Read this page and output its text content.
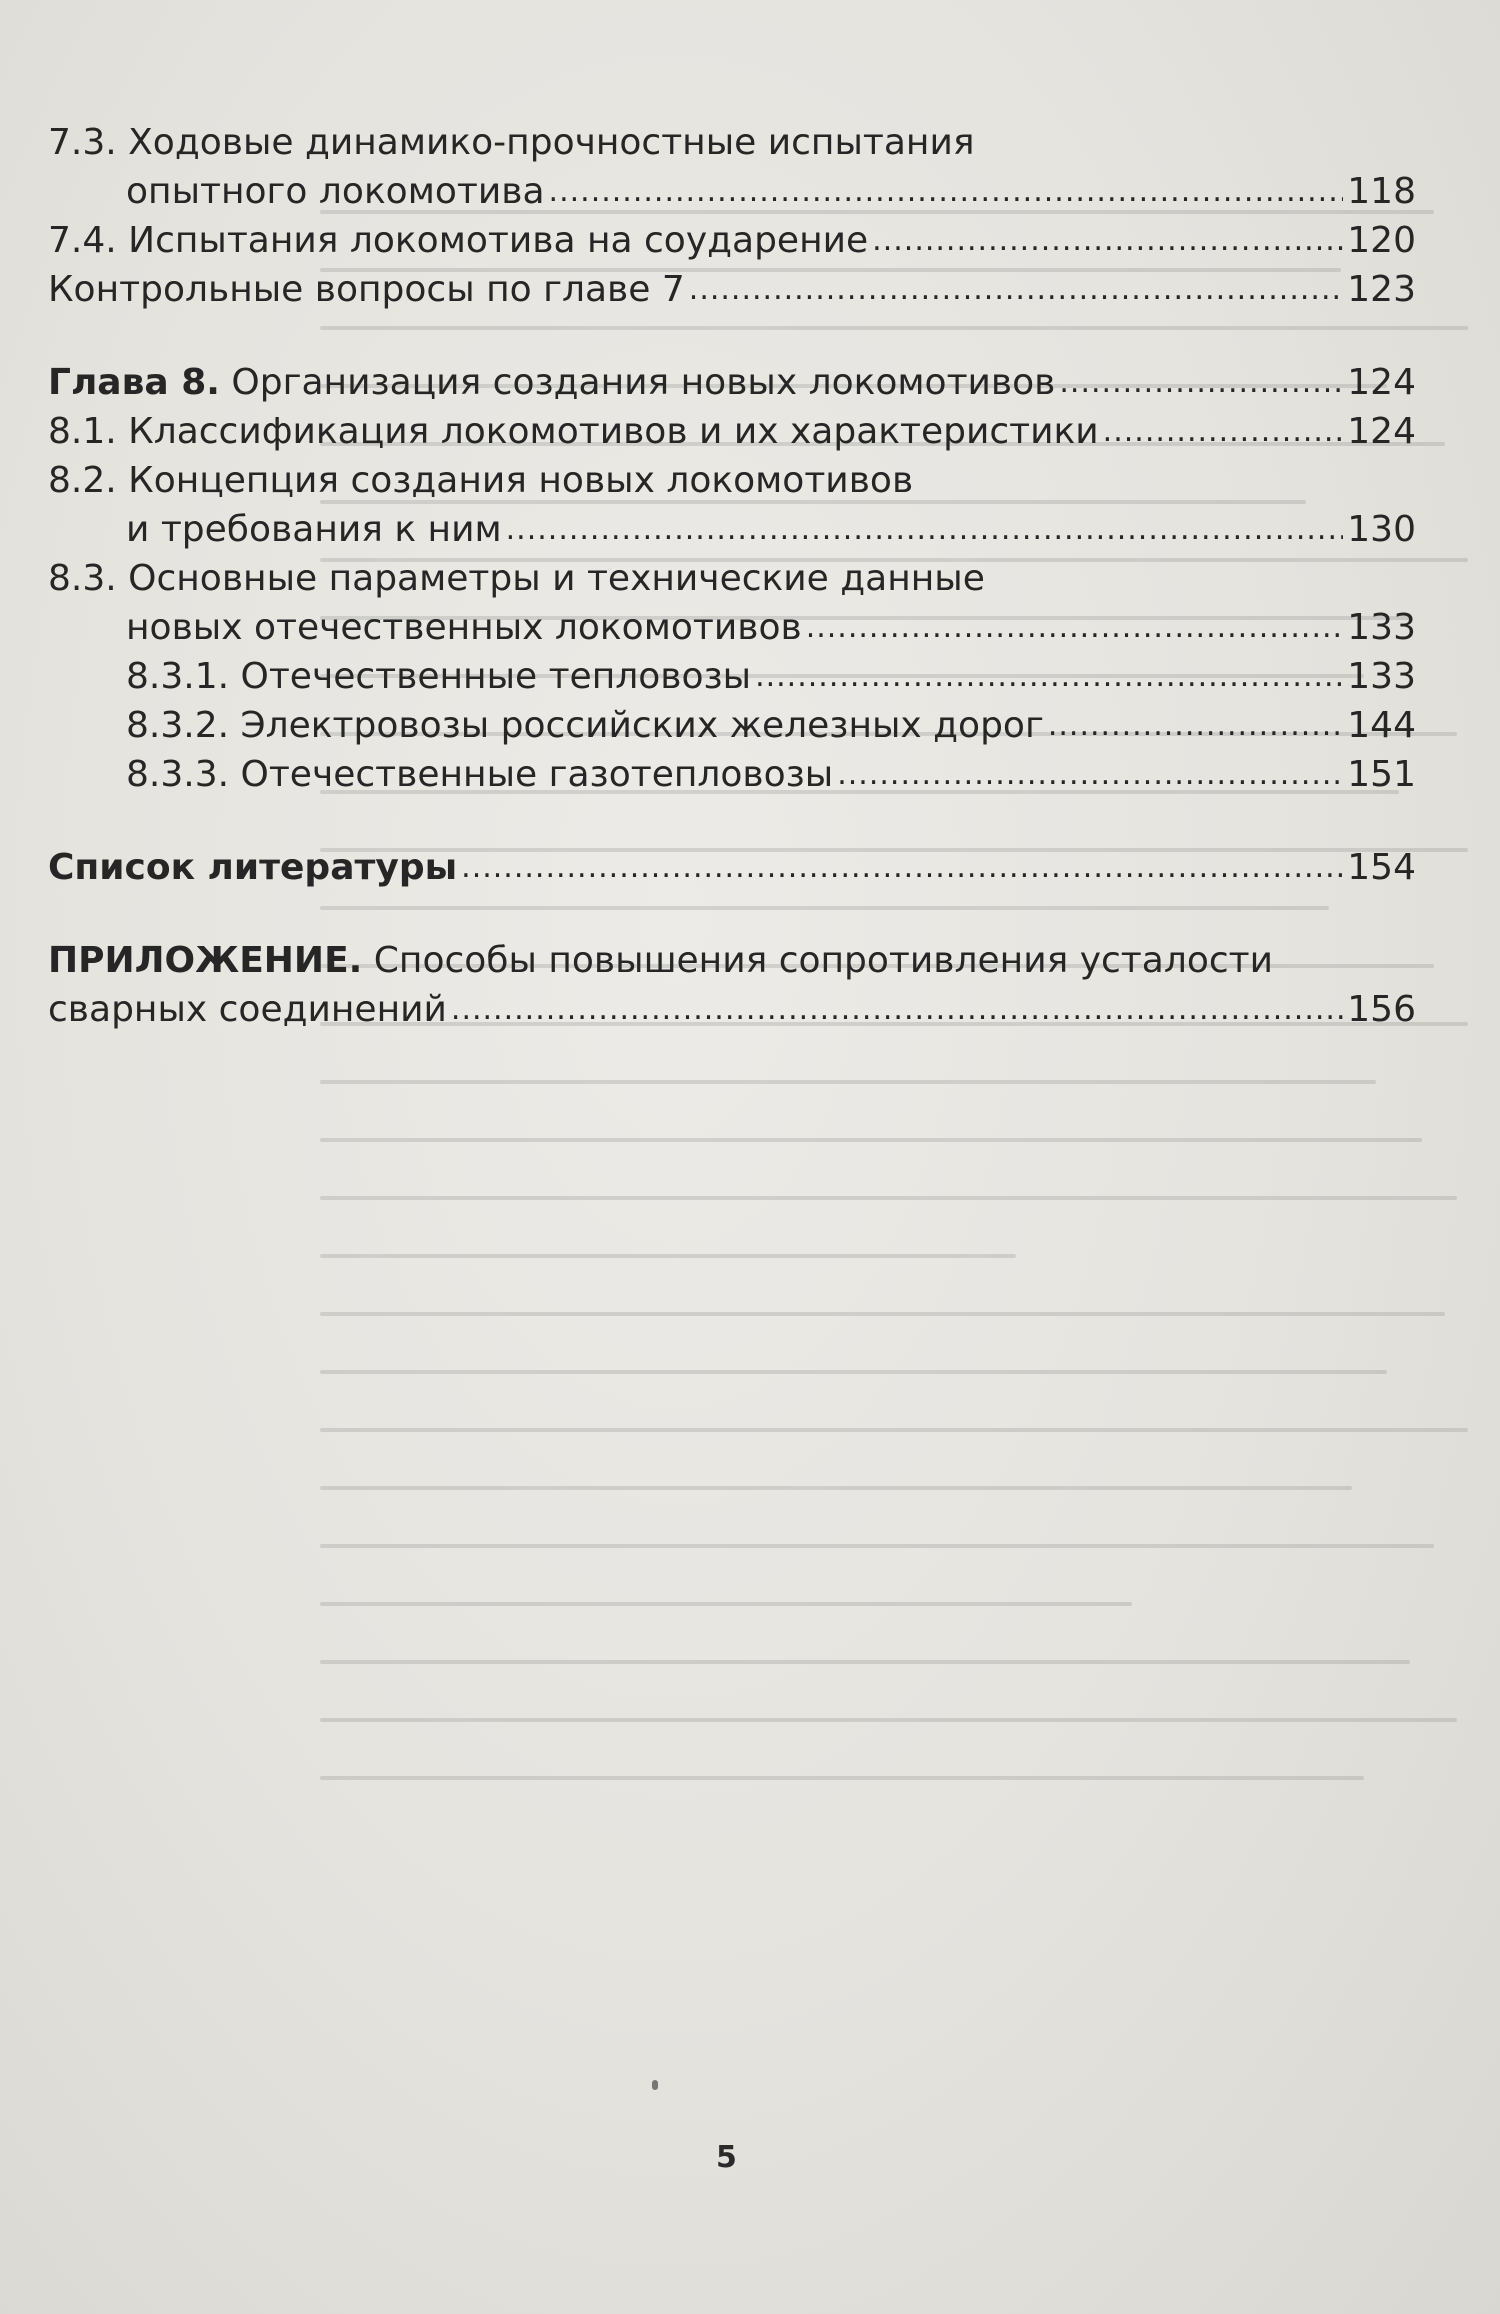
7.3. Ходовые динамико-прочностные испытания
опытного локомотива .....	118
7.4. Испытания локомотива на соударение .....	120
Контрольные вопросы по главе 7 .....	123
Глава 8. Организация создания новых локомотивов .....	124
8.1. Классификация локомотивов и их характеристики .....	124
8.2. Концепция создания новых локомотивов
и требования к ним .....	130
8.3. Основные параметры и технические данные
новых отечественных локомотивов .....	133
8.3.1. Отечественные тепловозы .....	133
8.3.2. Электровозы российских железных дорог .....	144
8.3.3. Отечественные газотепловозы .....	151
Список литературы .....	154
ПРИЛОЖЕНИЕ. Способы повышения сопротивления усталости
сварных соединений .....	156
5
